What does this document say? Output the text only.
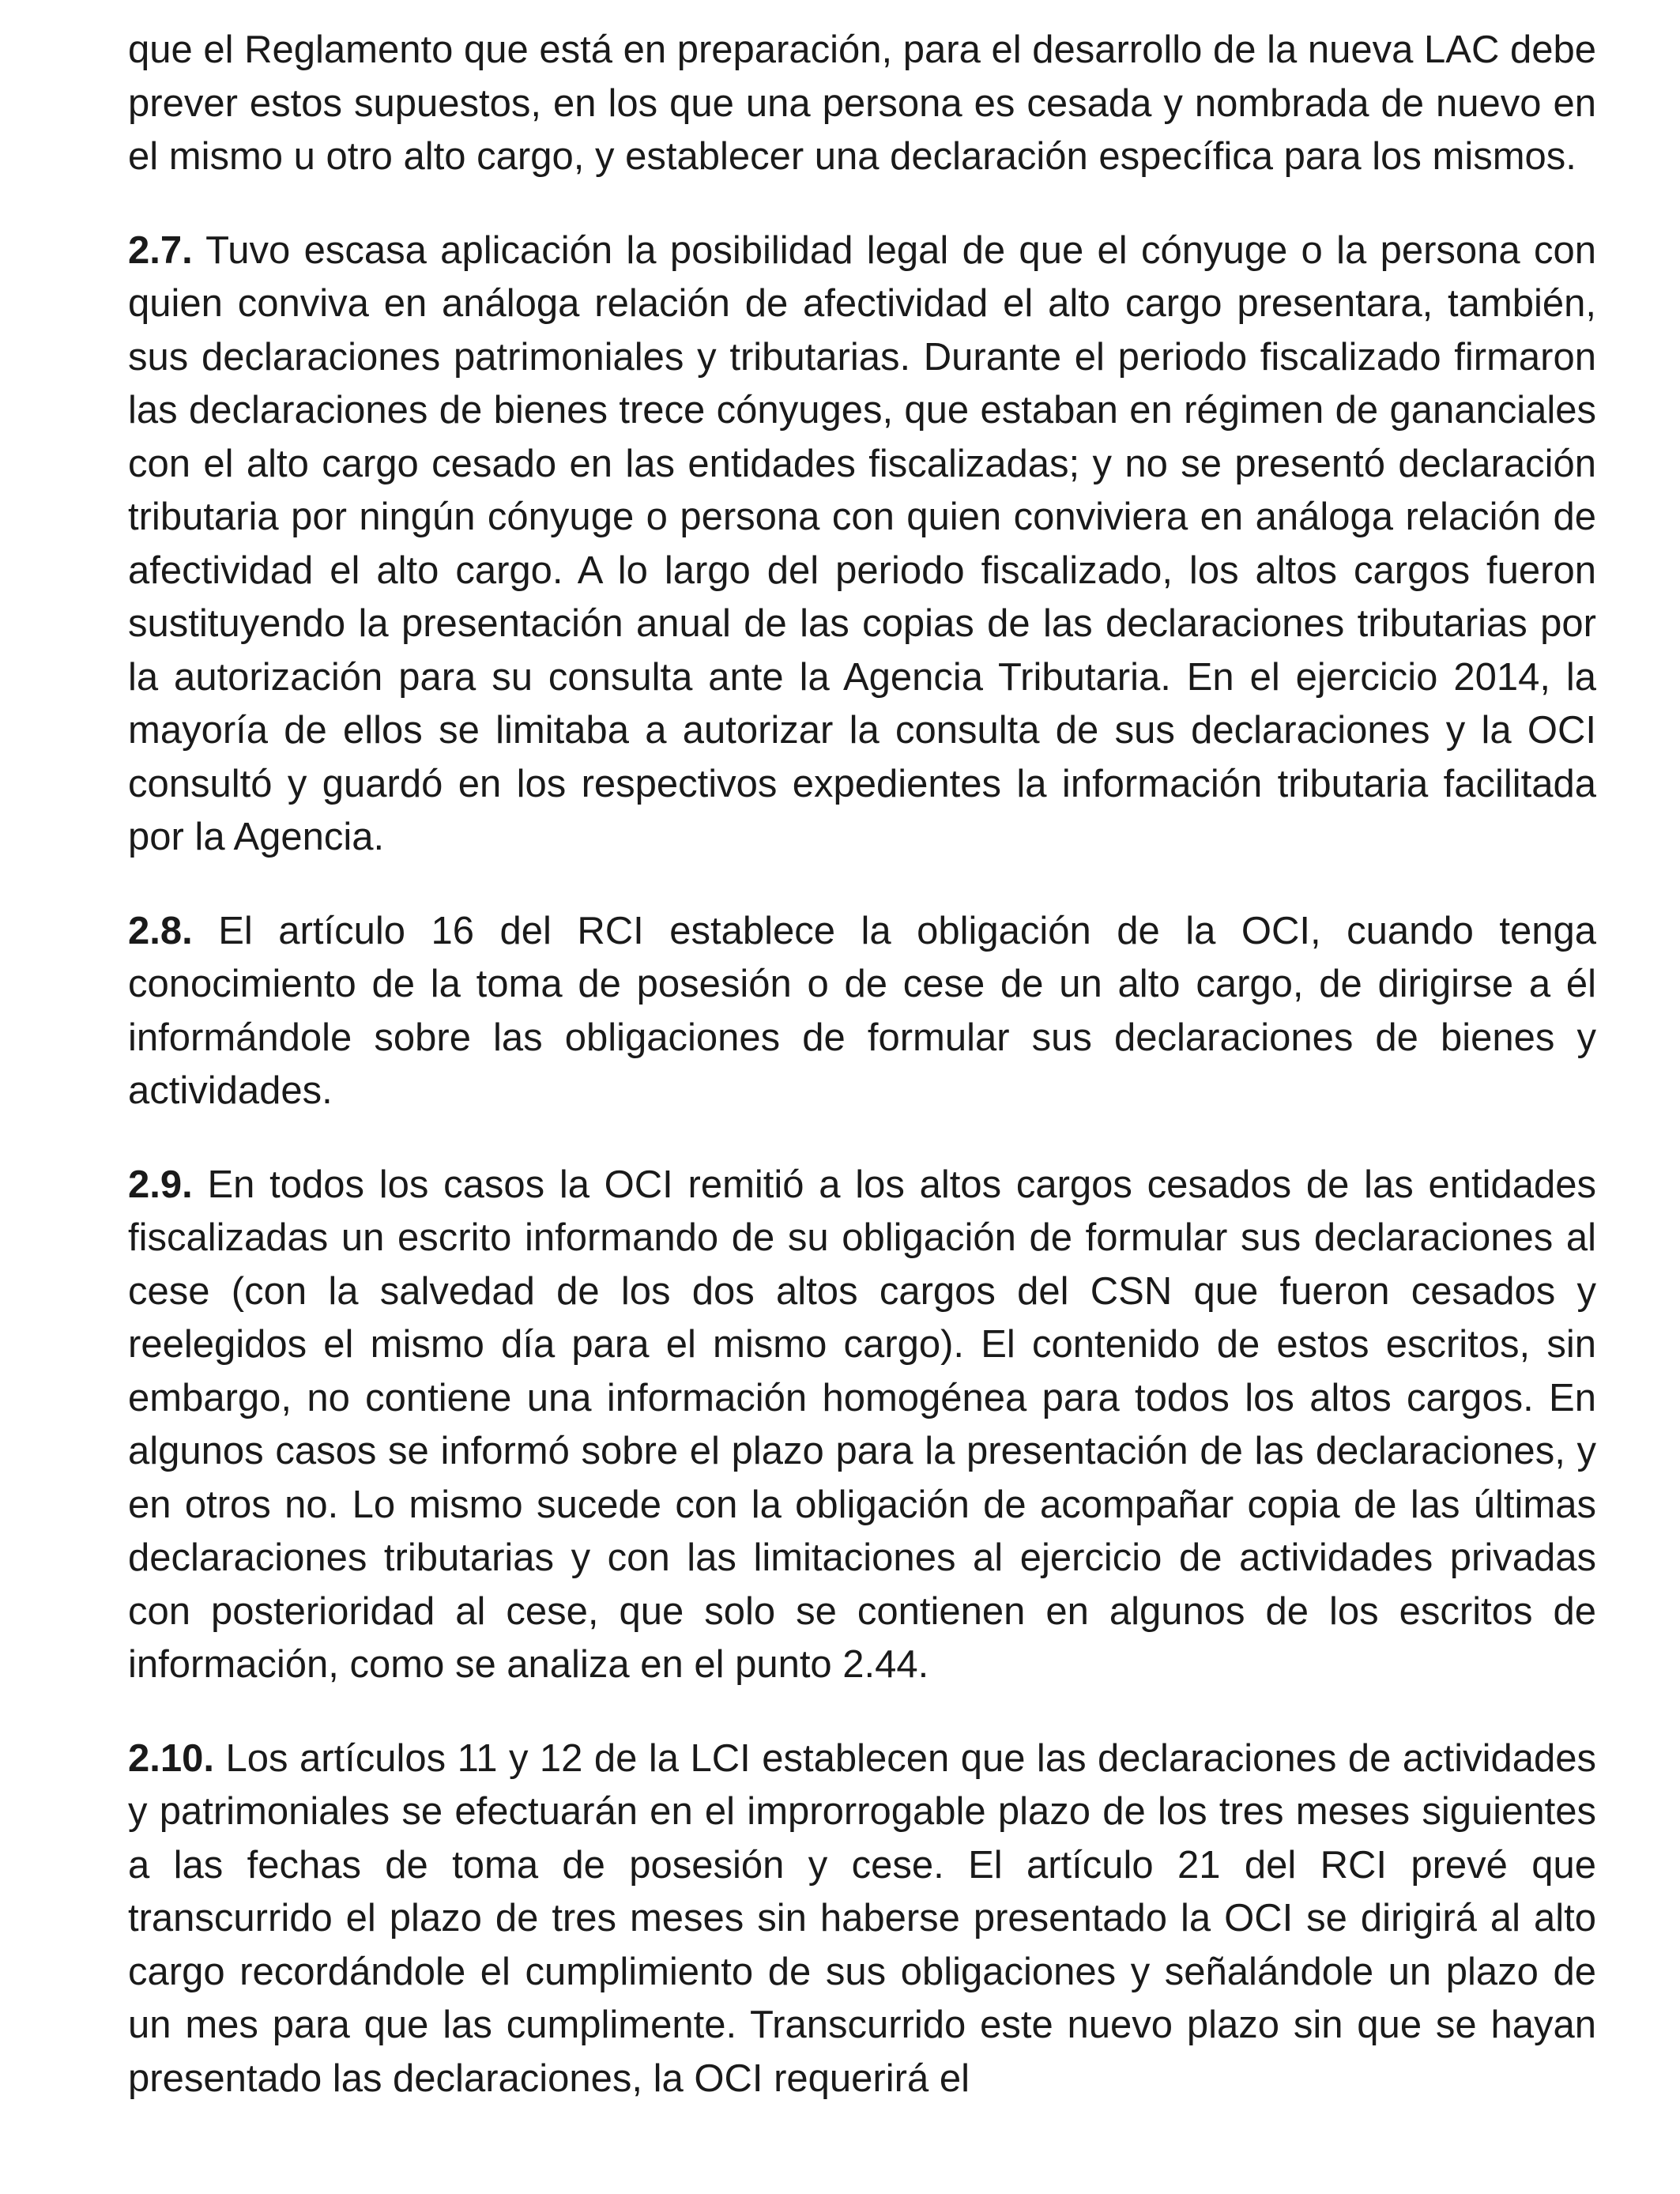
que el Reglamento que está en preparación, para el desarrollo de la nueva LAC debe prever estos supuestos, en los que una persona es cesada y nombrada de nuevo en el mismo u otro alto cargo, y establecer una declaración específica para los mismos.

2.7. Tuvo escasa aplicación la posibilidad legal de que el cónyuge o la persona con quien conviva en análoga relación de afectividad el alto cargo presentara, también, sus declaraciones patrimoniales y tributarias. Durante el periodo fiscalizado firmaron las declaraciones de bienes trece cónyuges, que estaban en régimen de gananciales con el alto cargo cesado en las entidades fiscalizadas; y no se presentó declaración tributaria por ningún cónyuge o persona con quien conviviera en análoga relación de afectividad el alto cargo. A lo largo del periodo fiscalizado, los altos cargos fueron sustituyendo la presentación anual de las copias de las declaraciones tributarias por la autorización para su consulta ante la Agencia Tributaria. En el ejercicio 2014, la mayoría de ellos se limitaba a autorizar la consulta de sus declaraciones y la OCI consultó y guardó en los respectivos expedientes la información tributaria facilitada por la Agencia.

2.8. El artículo 16 del RCI establece la obligación de la OCI, cuando tenga conocimiento de la toma de posesión o de cese de un alto cargo, de dirigirse a él informándole sobre las obligaciones de formular sus declaraciones de bienes y actividades.

2.9. En todos los casos la OCI remitió a los altos cargos cesados de las entidades fiscalizadas un escrito informando de su obligación de formular sus declaraciones al cese (con la salvedad de los dos altos cargos del CSN que fueron cesados y reelegidos el mismo día para el mismo cargo). El contenido de estos escritos, sin embargo, no contiene una información homogénea para todos los altos cargos. En algunos casos se informó sobre el plazo para la presentación de las declaraciones, y en otros no. Lo mismo sucede con la obligación de acompañar copia de las últimas declaraciones tributarias y con las limitaciones al ejercicio de actividades privadas con posterioridad al cese, que solo se contienen en algunos de los escritos de información, como se analiza en el punto 2.44.

2.10. Los artículos 11 y 12 de la LCI establecen que las declaraciones de actividades y patrimoniales se efectuarán en el improrrogable plazo de los tres meses siguientes a las fechas de toma de posesión y cese. El artículo 21 del RCI prevé que transcurrido el plazo de tres meses sin haberse presentado la OCI se dirigirá al alto cargo recordándole el cumplimiento de sus obligaciones y señalándole un plazo de un mes para que las cumplimente. Transcurrido este nuevo plazo sin que se hayan presentado las declaraciones, la OCI requerirá el
